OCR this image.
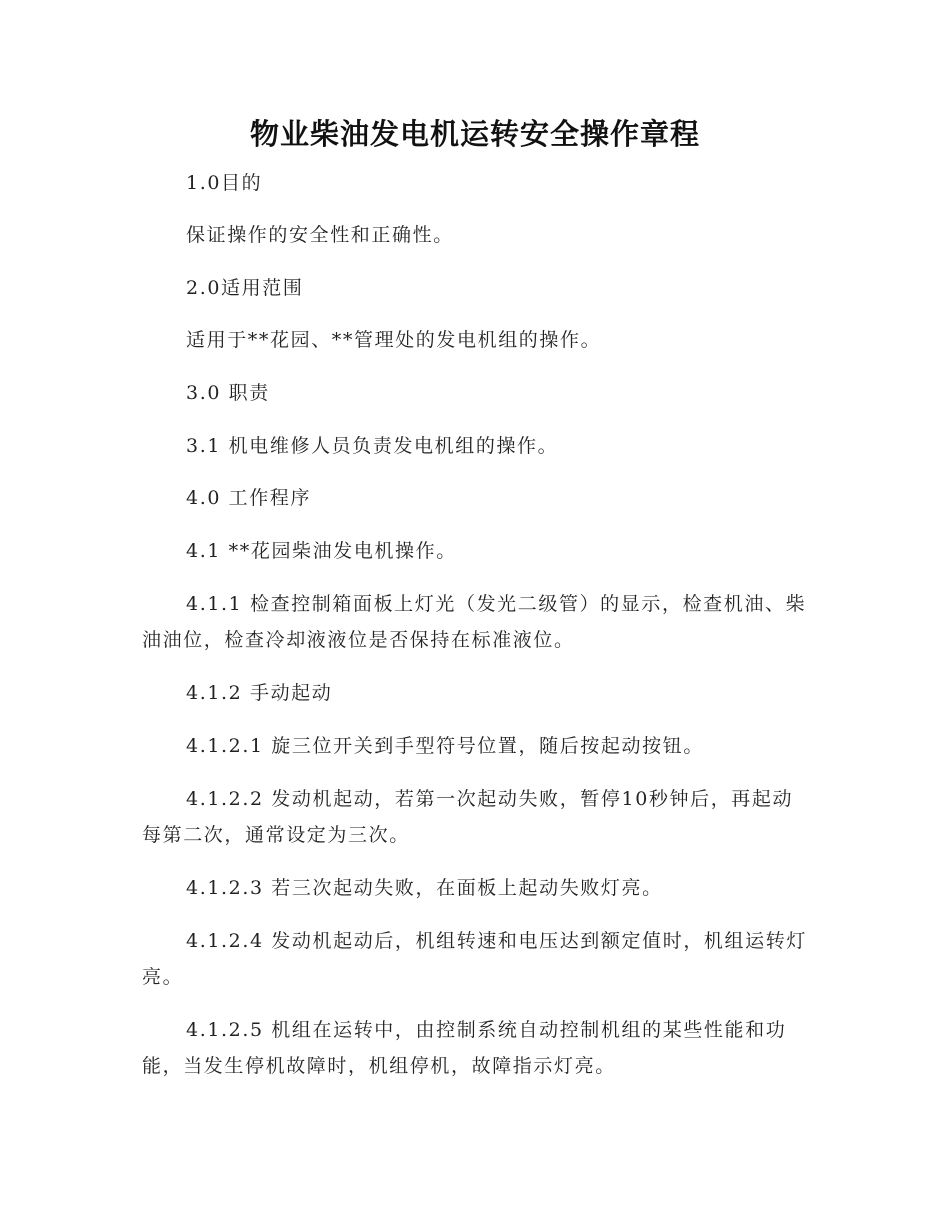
物业柴油发电机运转安全操作章程

1.0目的

保证操作的安全性和正确性。

2.0适用范围

适用于**花园、**管理处的发电机组的操作。

3.0 职责

3.1 机电维修人员负责发电机组的操作。

4.0 工作程序

4.1 **花园柴油发电机操作。

4.1.1 检查控制箱面板上灯光（发光二级管）的显示，检查机油、柴油油位，检查冷却液液位是否保持在标准液位。

4.1.2 手动起动

4.1.2.1 旋三位开关到手型符号位置，随后按起动按钮。

4.1.2.2 发动机起动，若第一次起动失败，暂停10秒钟后，再起动每第二次，通常设定为三次。

4.1.2.3 若三次起动失败，在面板上起动失败灯亮。

4.1.2.4 发动机起动后，机组转速和电压达到额定值时，机组运转灯亮。

4.1.2.5 机组在运转中，由控制系统自动控制机组的某些性能和功能，当发生停机故障时，机组停机，故障指示灯亮。
